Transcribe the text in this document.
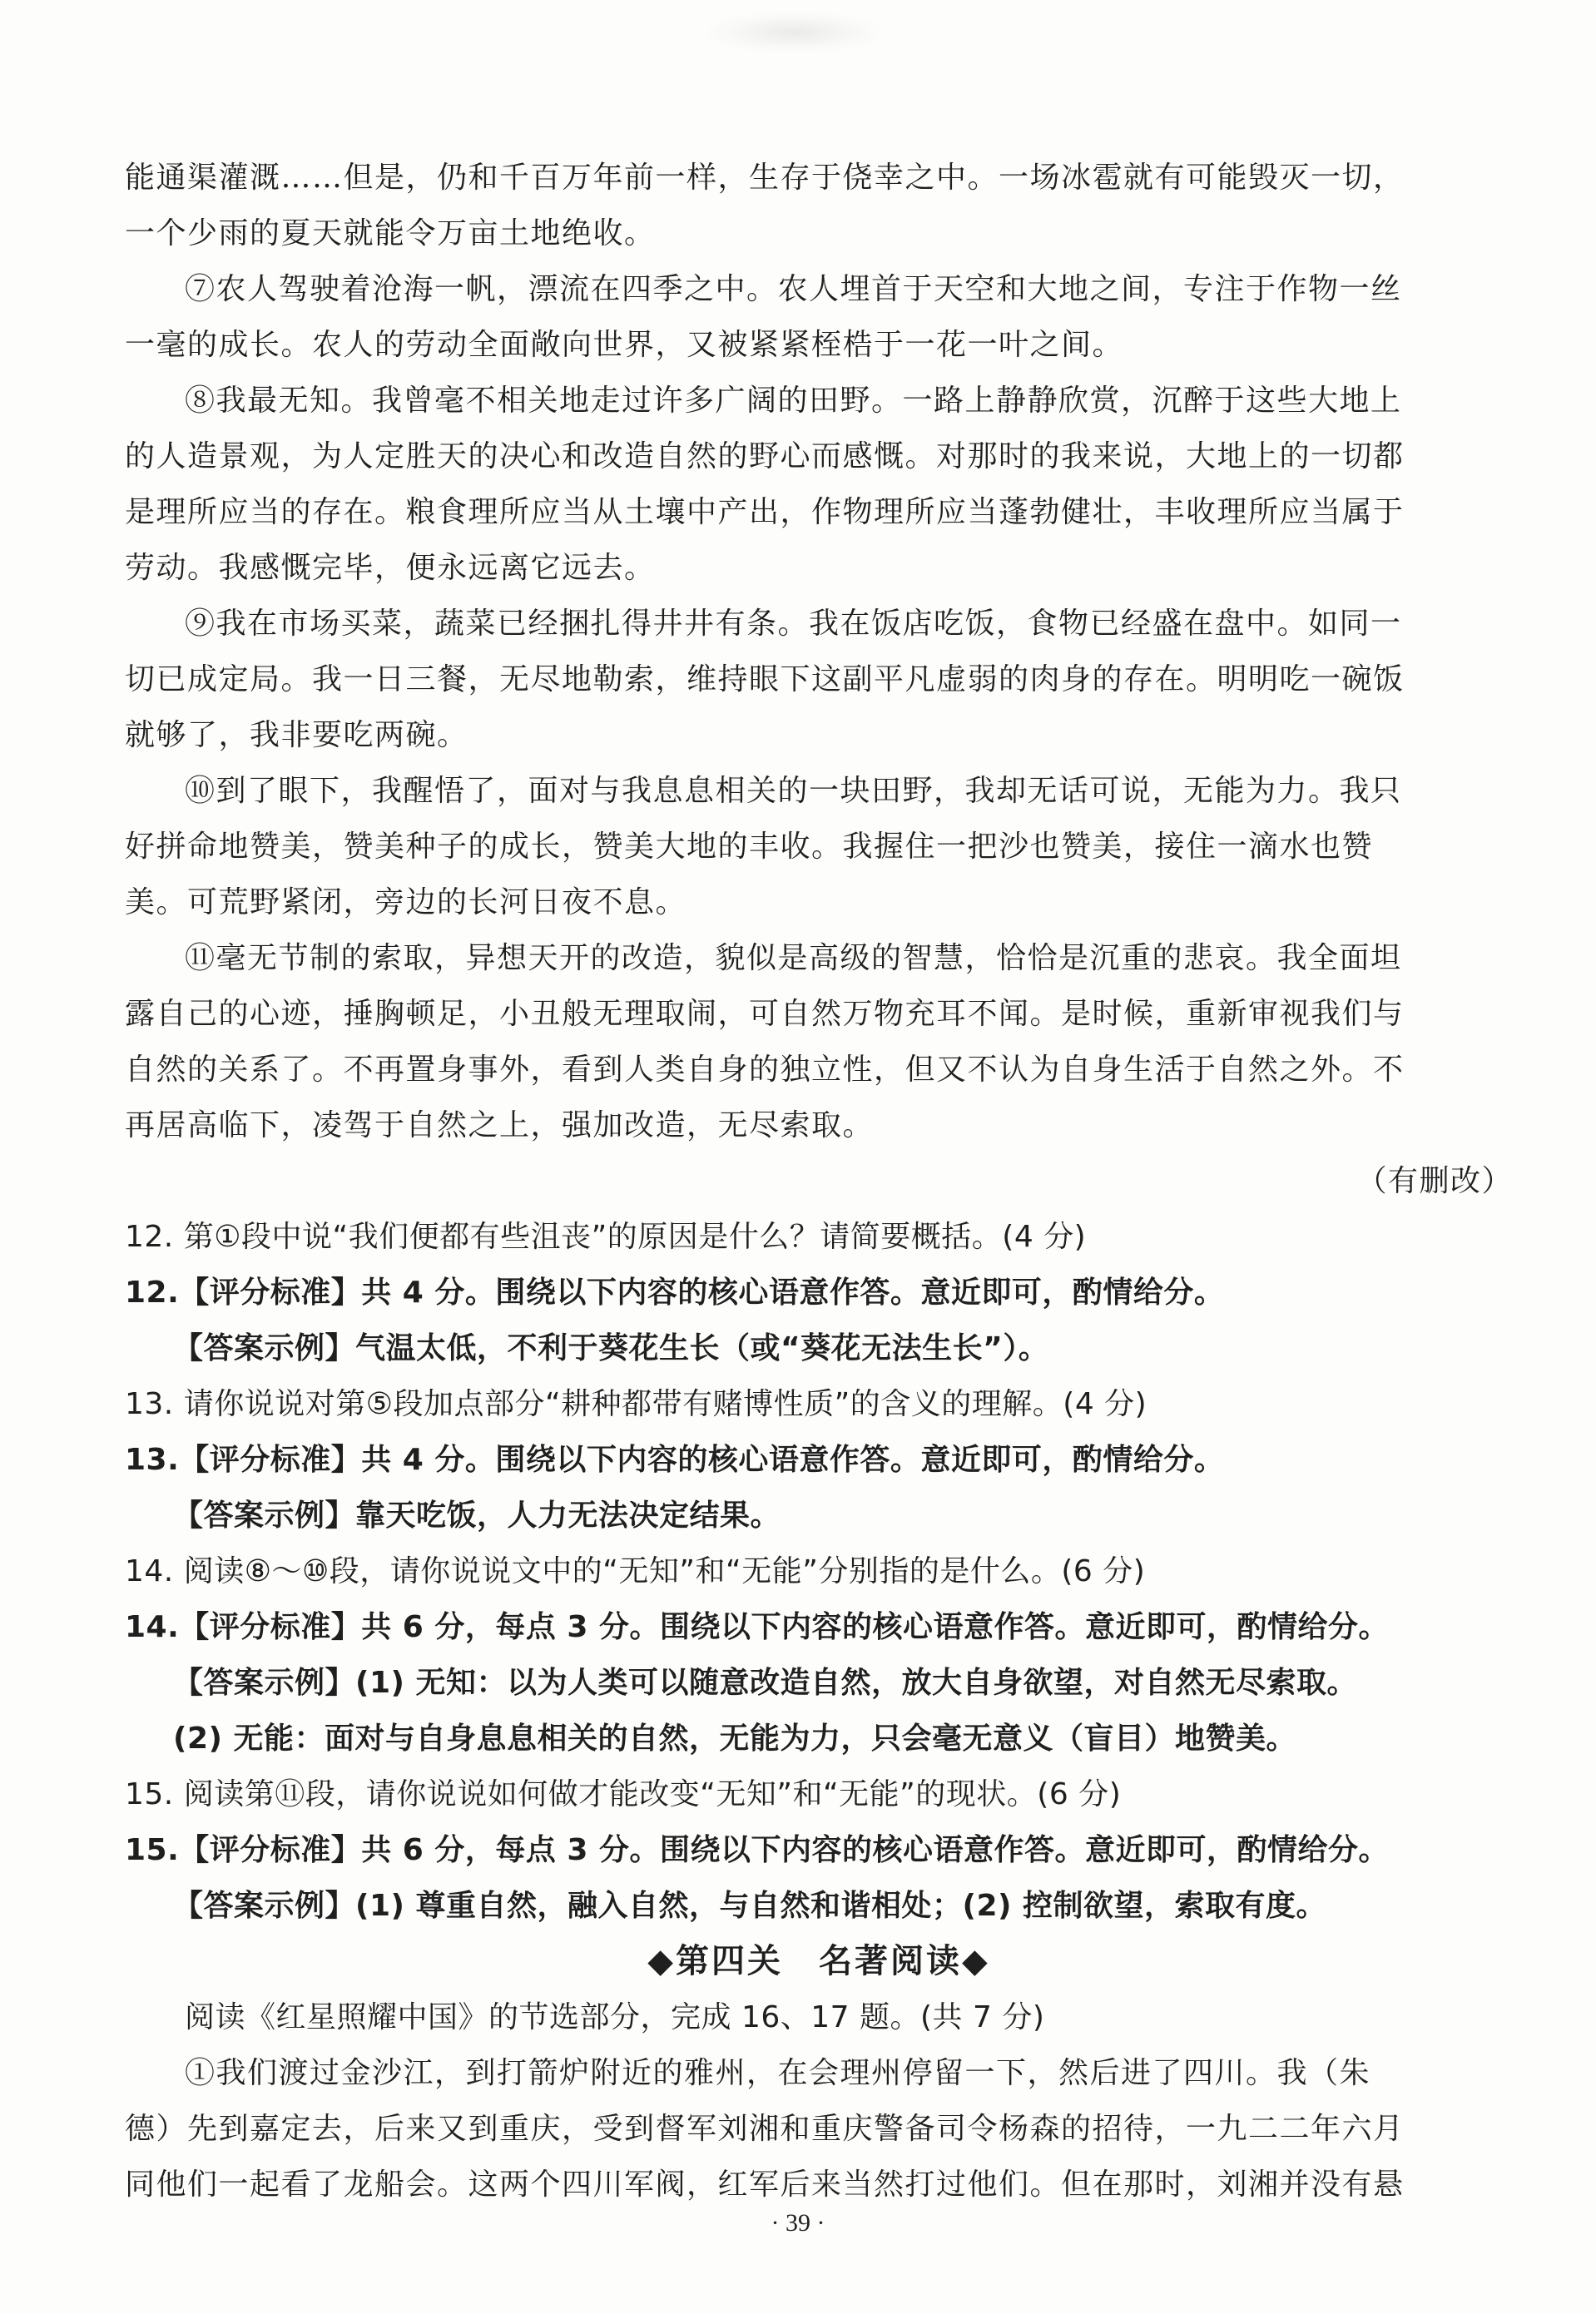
能通渠灌溉……但是，仍和千百万年前一样，生存于侥幸之中。一场冰雹就有可能毁灭一切，
一个少雨的夏天就能令万亩土地绝收。
⑦农人驾驶着沧海一帆，漂流在四季之中。农人埋首于天空和大地之间，专注于作物一丝
一毫的成长。农人的劳动全面敞向世界，又被紧紧桎梏于一花一叶之间。
⑧我最无知。我曾毫不相关地走过许多广阔的田野。一路上静静欣赏，沉醉于这些大地上
的人造景观，为人定胜天的决心和改造自然的野心而感慨。对那时的我来说，大地上的一切都
是理所应当的存在。粮食理所应当从土壤中产出，作物理所应当蓬勃健壮，丰收理所应当属于
劳动。我感慨完毕，便永远离它远去。
⑨我在市场买菜，蔬菜已经捆扎得井井有条。我在饭店吃饭，食物已经盛在盘中。如同一
切已成定局。我一日三餐，无尽地勒索，维持眼下这副平凡虚弱的肉身的存在。明明吃一碗饭
就够了，我非要吃两碗。
⑩到了眼下，我醒悟了，面对与我息息相关的一块田野，我却无话可说，无能为力。我只
好拼命地赞美，赞美种子的成长，赞美大地的丰收。我握住一把沙也赞美，接住一滴水也赞
美。可荒野紧闭，旁边的长河日夜不息。
⑪毫无节制的索取，异想天开的改造，貌似是高级的智慧，恰恰是沉重的悲哀。我全面坦
露自己的心迹，捶胸顿足，小丑般无理取闹，可自然万物充耳不闻。是时候，重新审视我们与
自然的关系了。不再置身事外，看到人类自身的独立性，但又不认为自身生活于自然之外。不
再居高临下，凌驾于自然之上，强加改造，无尽索取。
（有删改）
12. 第①段中说“我们便都有些沮丧”的原因是什么？请简要概括。(4 分)
12.【评分标准】共 4 分。围绕以下内容的核心语意作答。意近即可，酌情给分。
【答案示例】气温太低，不利于葵花生长（或“葵花无法生长”）。
13. 请你说说对第⑤段加点部分“耕种都带有赌博性质”的含义的理解。(4 分)
13.【评分标准】共 4 分。围绕以下内容的核心语意作答。意近即可，酌情给分。
【答案示例】靠天吃饭，人力无法决定结果。
14. 阅读⑧～⑩段，请你说说文中的“无知”和“无能”分别指的是什么。(6 分)
14.【评分标准】共 6 分，每点 3 分。围绕以下内容的核心语意作答。意近即可，酌情给分。
【答案示例】(1) 无知：以为人类可以随意改造自然，放大自身欲望，对自然无尽索取。
(2) 无能：面对与自身息息相关的自然，无能为力，只会毫无意义（盲目）地赞美。
15. 阅读第⑪段，请你说说如何做才能改变“无知”和“无能”的现状。(6 分)
15.【评分标准】共 6 分，每点 3 分。围绕以下内容的核心语意作答。意近即可，酌情给分。
【答案示例】(1) 尊重自然，融入自然，与自然和谐相处；(2) 控制欲望，索取有度。
◆第四关　名著阅读◆
阅读《红星照耀中国》的节选部分，完成 16、17 题。(共 7 分)
①我们渡过金沙江，到打箭炉附近的雅州，在会理州停留一下，然后进了四川。我（朱
德）先到嘉定去，后来又到重庆，受到督军刘湘和重庆警备司令杨森的招待，一九二二年六月
同他们一起看了龙船会。这两个四川军阀，红军后来当然打过他们。但在那时，刘湘并没有悬
· 39 ·
